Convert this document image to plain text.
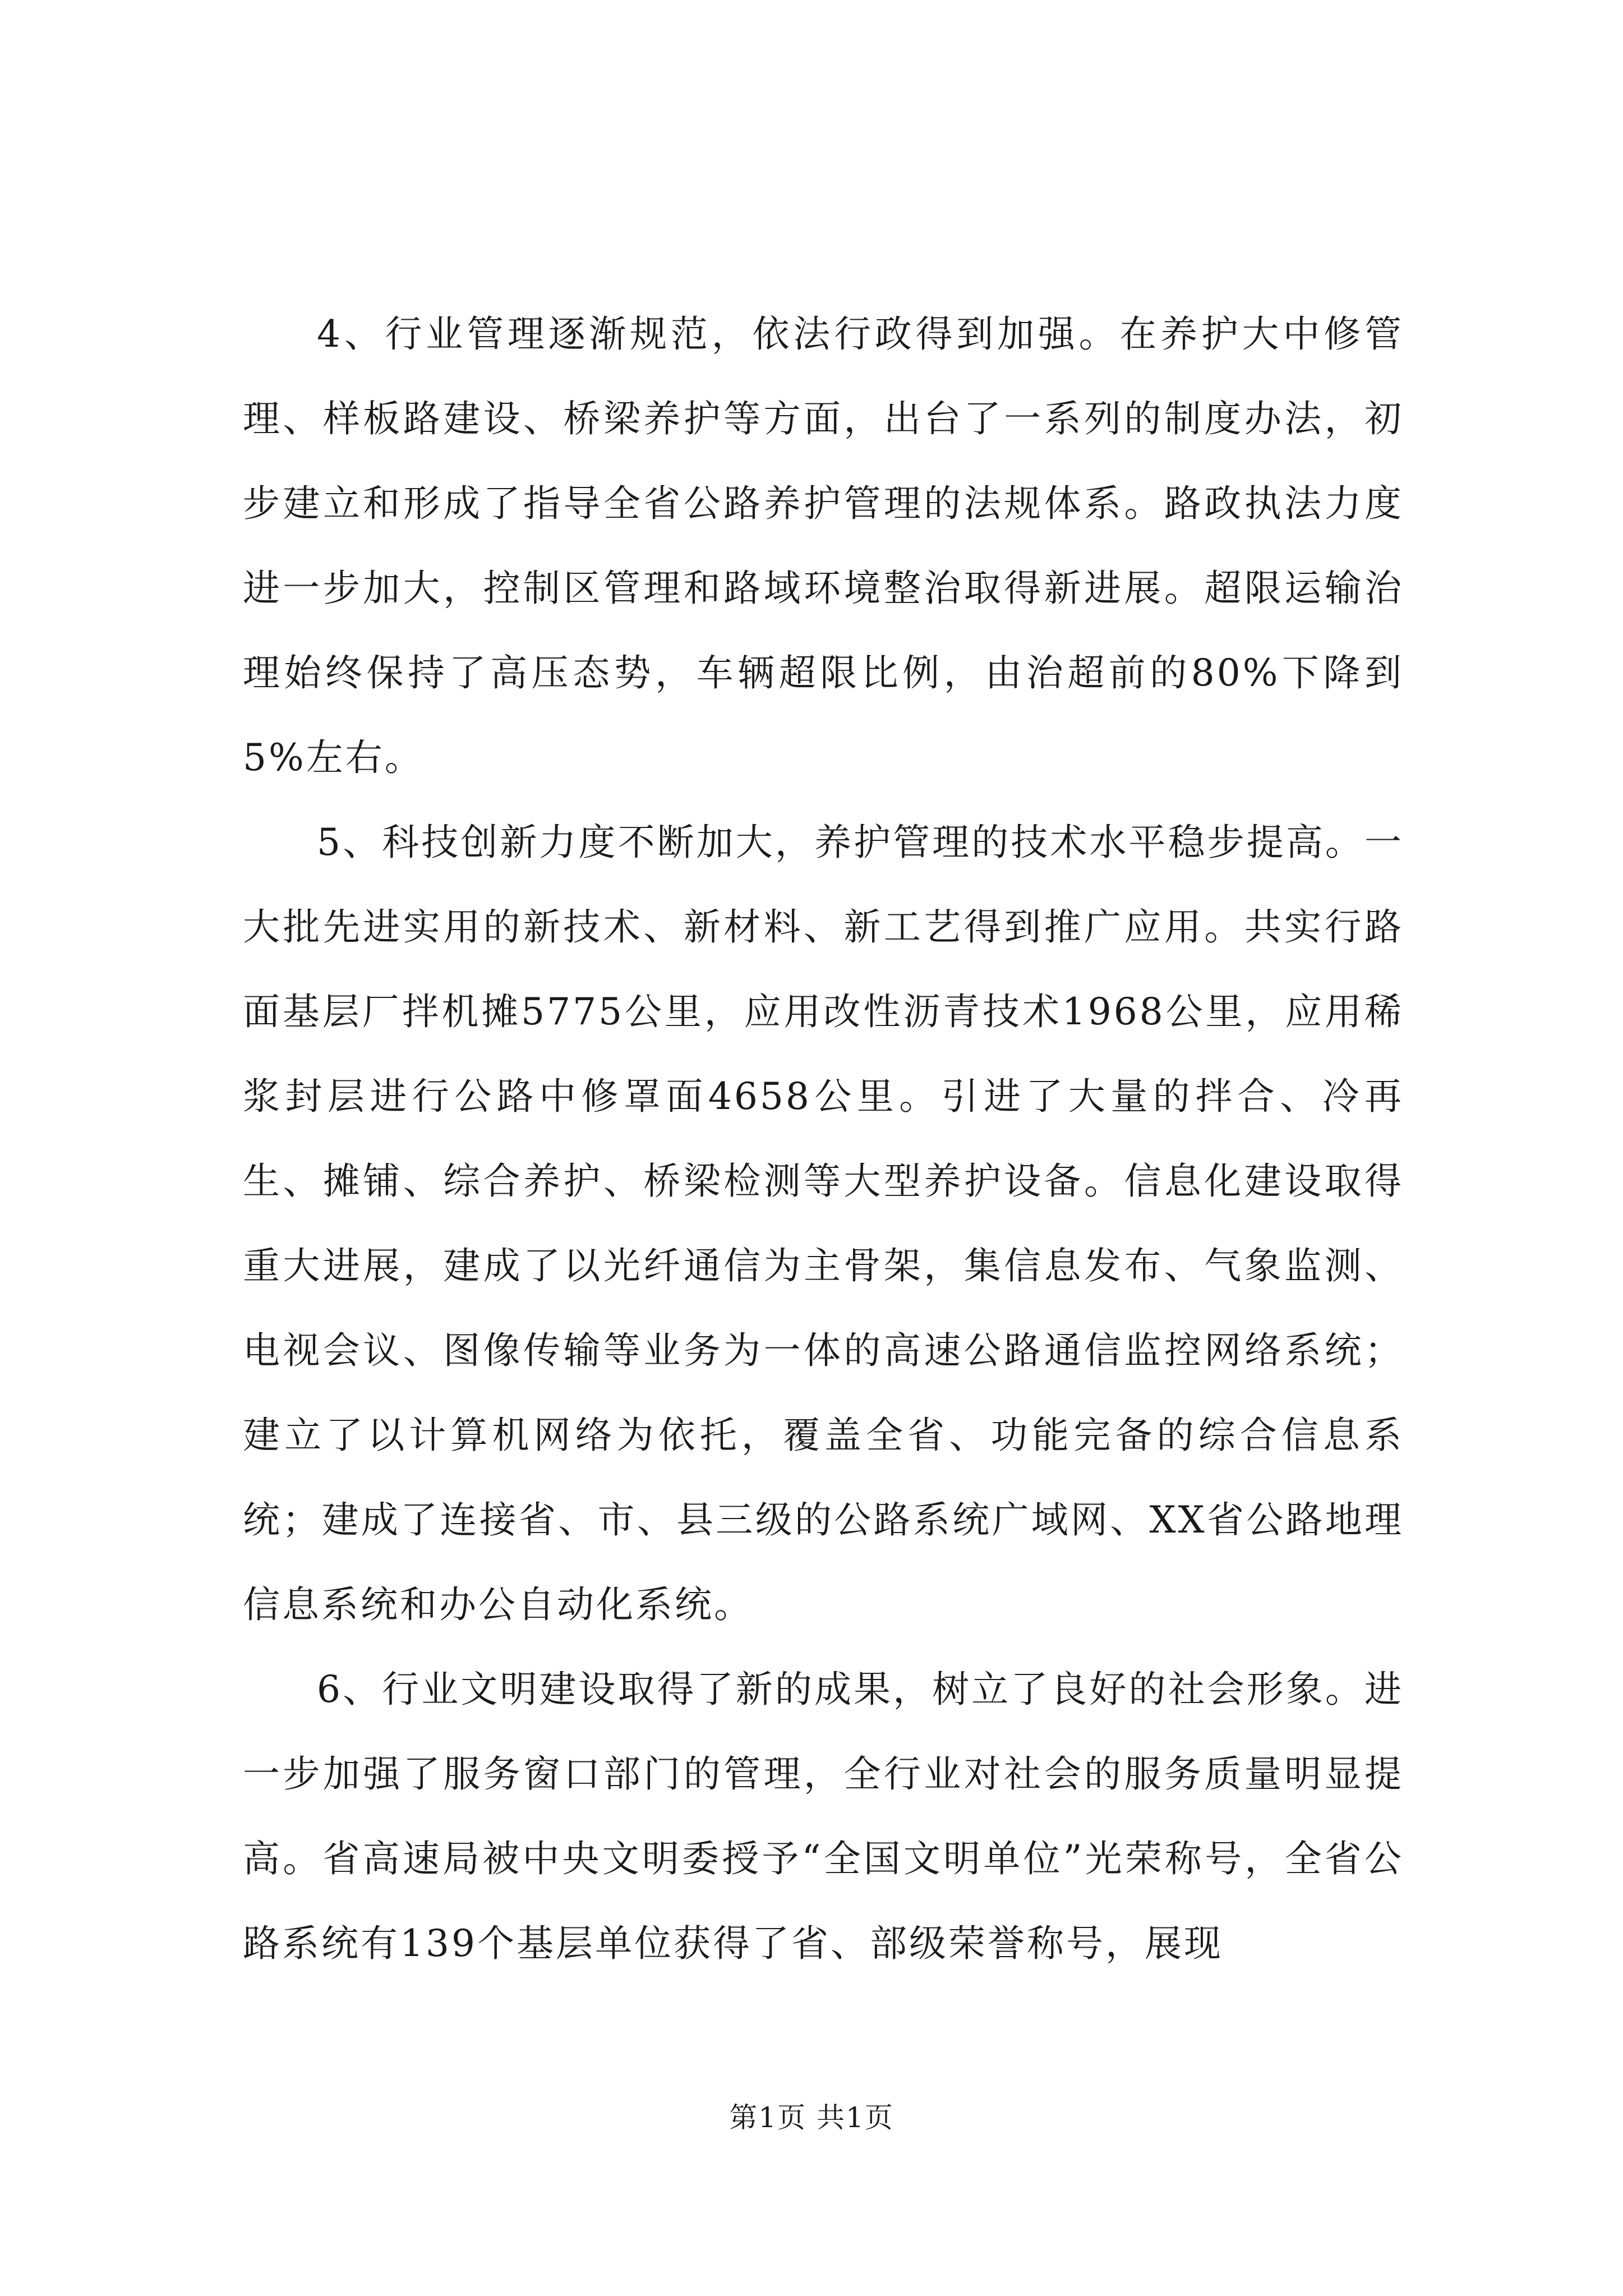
4、行业管理逐渐规范，依法行政得到加强。在养护大中修管理、样板路建设、桥梁养护等方面，出台了一系列的制度办法，初步建立和形成了指导全省公路养护管理的法规体系。路政执法力度进一步加大，控制区管理和路域环境整治取得新进展。超限运输治理始终保持了高压态势，车辆超限比例，由治超前的80%下降到5%左右。

5、科技创新力度不断加大，养护管理的技术水平稳步提高。一大批先进实用的新技术、新材料、新工艺得到推广应用。共实行路面基层厂拌机摊5775公里，应用改性沥青技术1968公里，应用稀浆封层进行公路中修罩面4658公里。引进了大量的拌合、冷再生、摊铺、综合养护、桥梁检测等大型养护设备。信息化建设取得重大进展，建成了以光纤通信为主骨架，集信息发布、气象监测、电视会议、图像传输等业务为一体的高速公路通信监控网络系统；建立了以计算机网络为依托，覆盖全省、功能完备的综合信息系统；建成了连接省、市、县三级的公路系统广域网、XX省公路地理信息系统和办公自动化系统。

6、行业文明建设取得了新的成果，树立了良好的社会形象。进一步加强了服务窗口部门的管理，全行业对社会的服务质量明显提高。省高速局被中央文明委授予“全国文明单位”光荣称号，全省公路系统有139个基层单位获得了省、部级荣誉称号，展现

第1页 共1页
